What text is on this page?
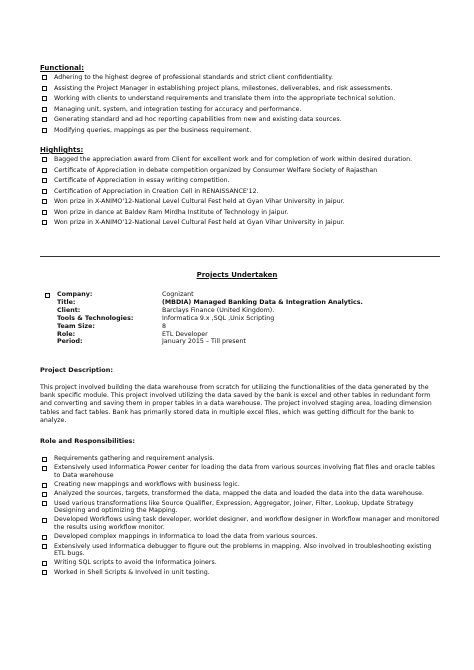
Functional:
Adhering to the highest degree of professional standards and strict client confidentiality.
Assisting the Project Manager in establishing project plans, milestones, deliverables, and risk assessments.
Working with clients to understand requirements and translate them into the appropriate technical solution.
Managing unit, system, and integration testing for accuracy and performance.
Generating standard and ad hoc reporting capabilities from new and existing data sources.
Modifying queries, mappings as per the business requirement.
Highlights:
Bagged the appreciation award from Client for excellent work and for completion of work within desired duration.
Certificate of Appreciation in debate competition organized by Consumer Welfare Society of Rajasthan
Certificate of Appreciation in essay writing competition.
Certification of Appreciation in Creation Cell in RENAISSANCE'12.
Won prize in X-ANIMO'12-National Level Cultural Fest held at Gyan Vihar University in Jaipur.
Won prize in dance at Baldev Ram Mirdha Institute of Technology in Jaipur.
Won prize in X-ANIMO'12-National Level Cultural Fest held at Gyan Vihar University in Jaipur.
Projects Undertaken
Company:	Cognizant
Title:	(MBDIA) Managed Banking Data & Integration Analytics.
Client:	Barclays Finance (United Kingdom).
Tools & Technologies:	Informatica 9.x ,SQL ,Unix Scripting
Team Size:	8
Role:	ETL Developer
Period:	January 2015 – Till present
Project Description:

This project involved building the data warehouse from scratch for utilizing the functionalities of the data generated by the bank specific module. This project involved utilizing the data saved by the bank is excel and other tables in redundant form and converting and saving them in proper tables in a data warehouse. The project involved staging area, loading dimension tables and fact tables. Bank has primarily stored data in multiple excel files, which was getting difficult for the bank to analyze.

Role and Responsibilities:
Requirements gathering and requirement analysis.
Extensively used Informatica Power center for loading the data from various sources involving flat files and oracle tables to Data warehouse
Creating new mappings and workflows with business logic.
Analyzed the sources, targets, transformed the data, mapped the data and loaded the data into the data warehouse.
Used various transformations like Source Qualifier, Expression, Aggregator, Joiner, Filter, Lookup, Update Strategy Designing and optimizing the Mapping.
Developed Workflows using task developer, worklet designer, and workflow designer in Workflow manager and monitored the results using workflow monitor.
Developed complex mappings in Informatica to load the data from various sources.
Extensively used Informatica debugger to figure out the problems in mapping. Also involved in troubleshooting existing ETL bugs.
Writing SQL scripts to avoid the Informatica Joiners.
Worked in Shell Scripts & Involved in unit testing.
